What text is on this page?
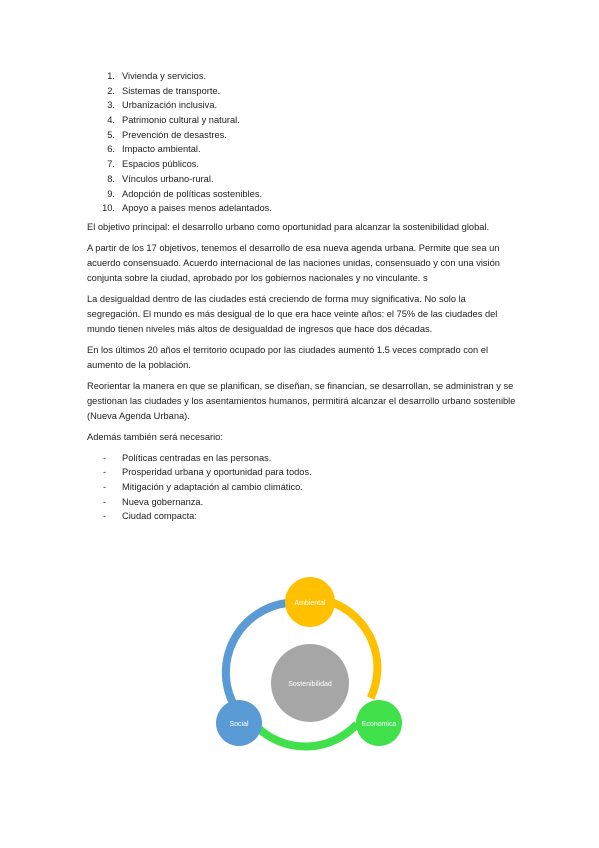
1. Vivienda y servicios.
2. Sistemas de transporte.
3. Urbanización inclusiva.
4. Patrimonio cultural y natural.
5. Prevención de desastres.
6. Impacto ambiental.
7. Espacios públicos.
8. Vínculos urbano-rural.
9. Adopción de políticas sostenibles.
10. Apoyo a paises menos adelantados.

El objetivo principal: el desarrollo urbano como oportunidad para alcanzar la sostenibilidad global.

A partir de los 17 objetivos, tenemos el desarrollo de esa nueva agenda urbana. Permite que sea un acuerdo consensuado. Acuerdo internacional de las naciones unidas, consensuado y con una visión conjunta sobre la ciudad, aprobado por los gobiernos nacionales y no vinculante. s

La desigualdad dentro de las ciudades está creciendo de forma muy significativa. No solo la segregación. El mundo es más desigual de lo que era hace veinte años: el 75% de las ciudades del mundo tienen niveles más altos de desigualdad de ingresos que hace dos décadas.

En los últimos 20 años el territorio ocupado por las ciudades aumentó 1.5 veces comprado con el aumento de la población.

Reorientar la manera en que se planifican, se diseñan, se financian, se desarrollan, se administran y se gestionan las ciudades y los asentamientos humanos, permitirá alcanzar el desarrollo urbano sostenible (Nueva Agenda Urbana).

Además también será necesario:

-	Políticas centradas en las personas.
-	Prosperidad urbana y oportunidad para todos.
-	Mitigación y adaptación al cambio climático.
-	Nueva gobernanza.
-	Ciudad compacta:
Sostenibilidad
Ambiental
Economica
Social
